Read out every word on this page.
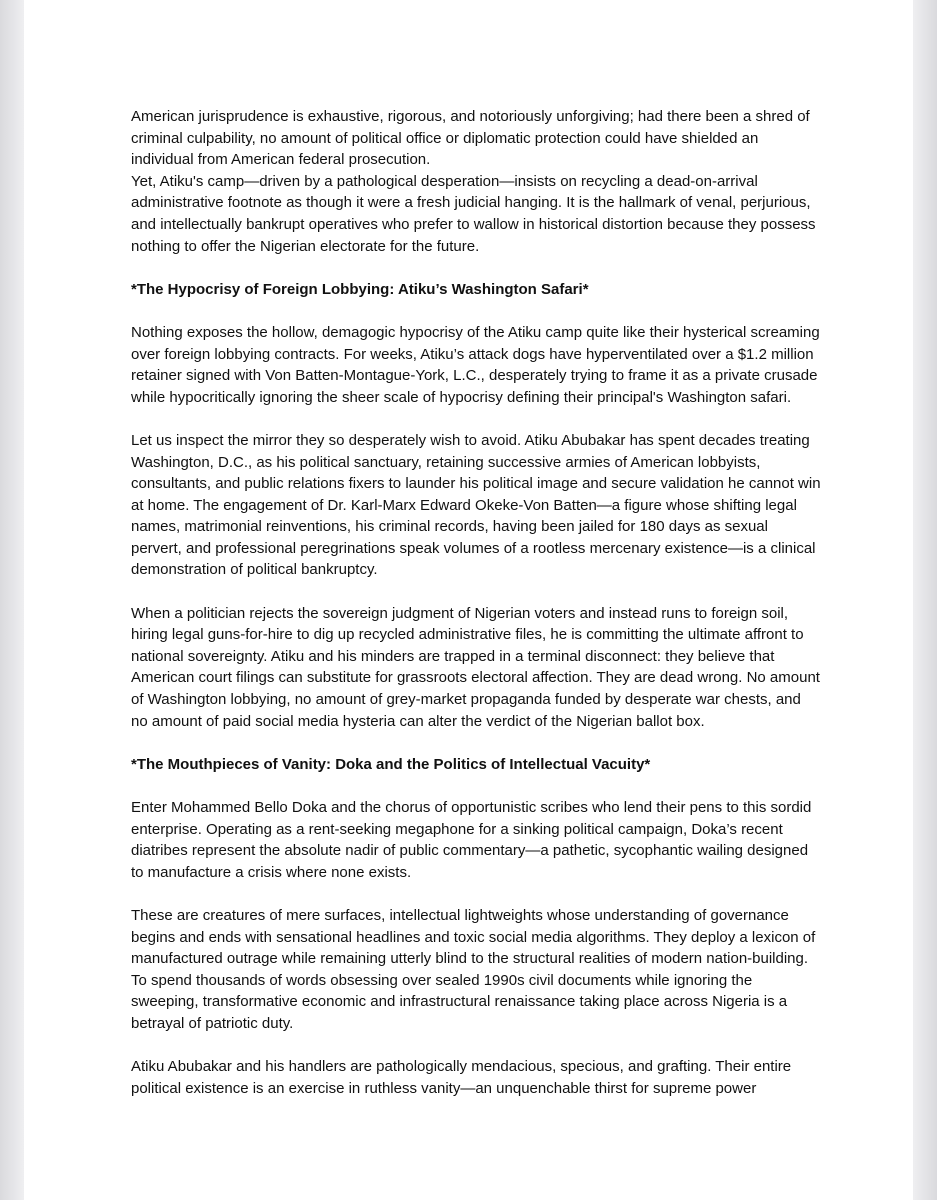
American jurisprudence is exhaustive, rigorous, and notoriously unforgiving; had there been a shred of criminal culpability, no amount of political office or diplomatic protection could have shielded an individual from American federal prosecution.

Yet, Atiku's camp—driven by a pathological desperation—insists on recycling a dead-on-arrival administrative footnote as though it were a fresh judicial hanging. It is the hallmark of venal, perjurious, and intellectually bankrupt operatives who prefer to wallow in historical distortion because they possess nothing to offer the Nigerian electorate for the future.

*The Hypocrisy of Foreign Lobbying: Atiku’s Washington Safari*

Nothing exposes the hollow, demagogic hypocrisy of the Atiku camp quite like their hysterical screaming over foreign lobbying contracts. For weeks, Atiku’s attack dogs have hyperventilated over a $1.2 million retainer signed with Von Batten-Montague-York, L.C., desperately trying to frame it as a private crusade while hypocritically ignoring the sheer scale of hypocrisy defining their principal's Washington safari.

Let us inspect the mirror they so desperately wish to avoid. Atiku Abubakar has spent decades treating Washington, D.C., as his political sanctuary, retaining successive armies of American lobbyists, consultants, and public relations fixers to launder his political image and secure validation he cannot win at home. The engagement of Dr. Karl-Marx Edward Okeke-Von Batten—a figure whose shifting legal names, matrimonial reinventions, his criminal records, having been jailed for 180 days as sexual pervert, and professional peregrinations speak volumes of a rootless mercenary existence—is a clinical demonstration of political bankruptcy.

When a politician rejects the sovereign judgment of Nigerian voters and instead runs to foreign soil, hiring legal guns-for-hire to dig up recycled administrative files, he is committing the ultimate affront to national sovereignty. Atiku and his minders are trapped in a terminal disconnect: they believe that American court filings can substitute for grassroots electoral affection. They are dead wrong. No amount of Washington lobbying, no amount of grey-market propaganda funded by desperate war chests, and no amount of paid social media hysteria can alter the verdict of the Nigerian ballot box.

*The Mouthpieces of Vanity: Doka and the Politics of Intellectual Vacuity*

Enter Mohammed Bello Doka and the chorus of opportunistic scribes who lend their pens to this sordid enterprise. Operating as a rent-seeking megaphone for a sinking political campaign, Doka’s recent diatribes represent the absolute nadir of public commentary—a pathetic, sycophantic wailing designed to manufacture a crisis where none exists.

These are creatures of mere surfaces, intellectual lightweights whose understanding of governance begins and ends with sensational headlines and toxic social media algorithms. They deploy a lexicon of manufactured outrage while remaining utterly blind to the structural realities of modern nation-building. To spend thousands of words obsessing over sealed 1990s civil documents while ignoring the sweeping, transformative economic and infrastructural renaissance taking place across Nigeria is a betrayal of patriotic duty.

Atiku Abubakar and his handlers are pathologically mendacious, specious, and grafting. Their entire political existence is an exercise in ruthless vanity—an unquenchable thirst for supreme power
